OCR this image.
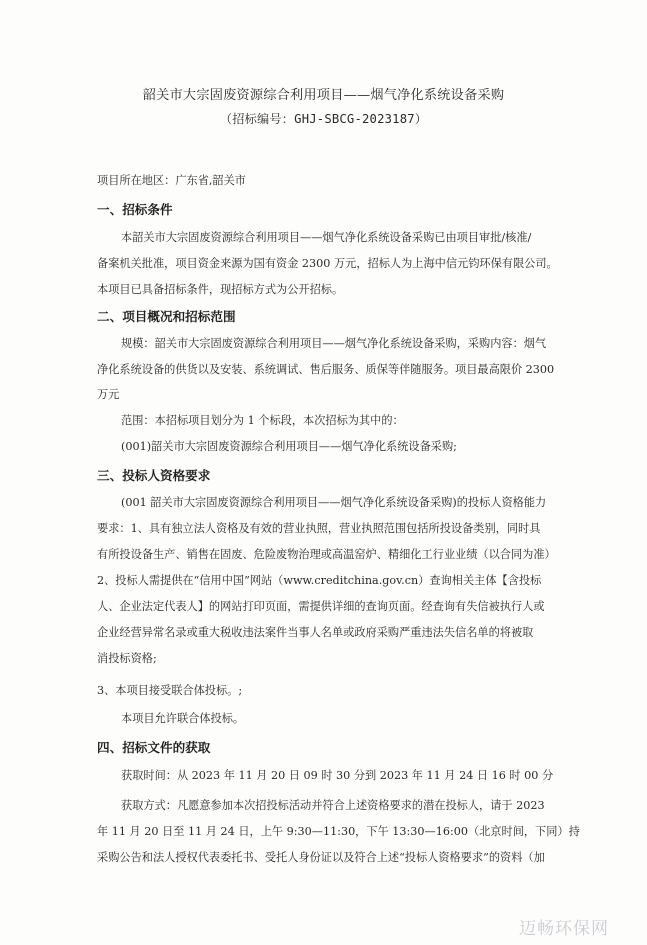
韶关市大宗固废资源综合利用项目——烟气净化系统设备采购
（招标编号：GHJ-SBCG-2023187）
项目所在地区：广东省,韶关市
一、招标条件
本韶关市大宗固废资源综合利用项目——烟气净化系统设备采购已由项目审批/核准/
备案机关批准，项目资金来源为国有资金 2300 万元，招标人为上海中信元钧环保有限公司。
本项目已具备招标条件，现招标方式为公开招标。
二、项目概况和招标范围
规模：韶关市大宗固废资源综合利用项目——烟气净化系统设备采购，采购内容：烟气
净化系统设备的供货以及安装、系统调试、售后服务、质保等伴随服务。项目最高限价 2300
万元
范围：本招标项目划分为 1 个标段，本次招标为其中的：
(001)韶关市大宗固废资源综合利用项目——烟气净化系统设备采购;
三、投标人资格要求
(001 韶关市大宗固废资源综合利用项目——烟气净化系统设备采购)的投标人资格能力
要求：1、具有独立法人资格及有效的营业执照，营业执照范围包括所投设备类别，同时具
有所投设备生产、销售在固废、危险废物治理或高温窑炉、精细化工行业业绩（以合同为准）
2、投标人需提供在“信用中国”网站（www.creditchina.gov.cn）查询相关主体【含投标
人、企业法定代表人】的网站打印页面，需提供详细的查询页面。经查询有失信被执行人或
企业经营异常名录或重大税收违法案件当事人名单或政府采购严重违法失信名单的将被取
消投标资格;
3、本项目接受联合体投标。;
本项目允许联合体投标。
四、招标文件的获取
获取时间：从 2023 年 11 月 20 日 09 时 30 分到 2023 年 11 月 24 日 16 时 00 分
获取方式：凡愿意参加本次招投标活动并符合上述资格要求的潜在投标人，请于 2023
年 11 月 20 日至 11 月 24 日，上午 9:30—11:30，下午 13:30—16:00（北京时间，下同）持
采购公告和法人授权代表委托书、受托人身份证以及符合上述“投标人资格要求”的资料（加
迈畅环保网
